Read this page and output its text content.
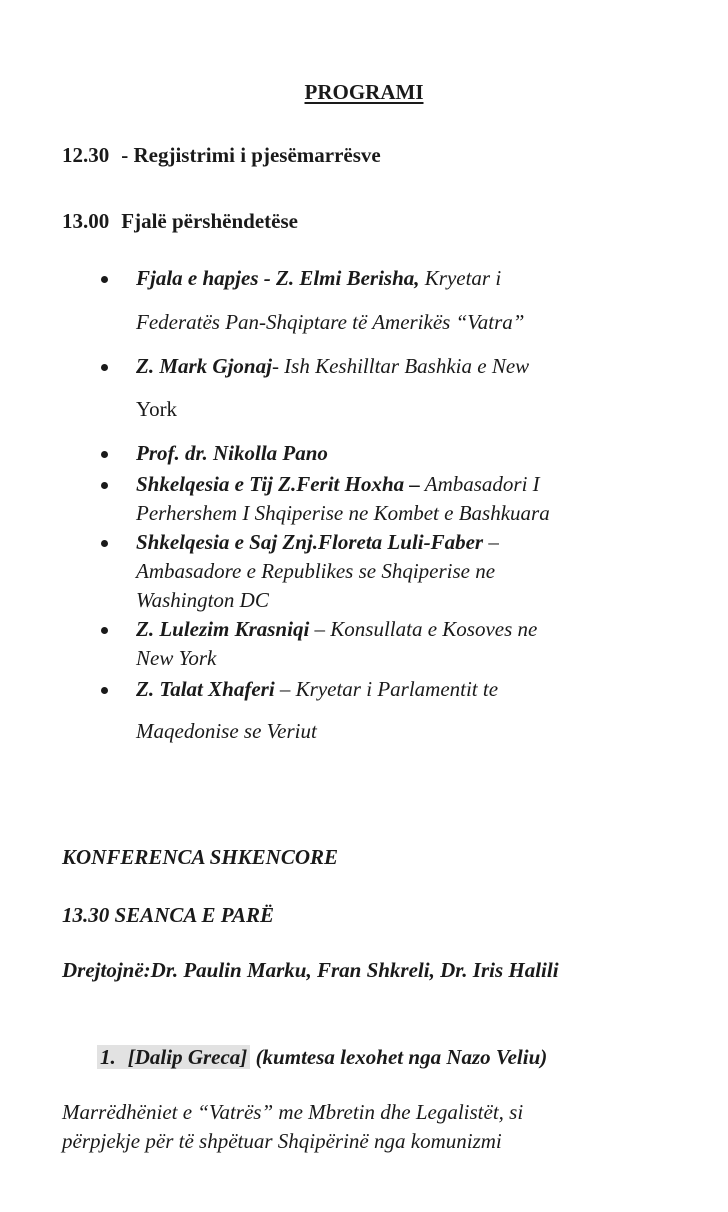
PROGRAMI
12.30 - Regjistrimi i pjesëmarrësve
13.00 Fjalë përshëndetëse
Fjala e hapjes - Z. Elmi Berisha, Kryetar i
Federatës Pan-Shqiptare të Amerikës “Vatra”
Z. Mark Gjonaj- Ish Keshilltar Bashkia e New
York
Prof. dr. Nikolla Pano
Shkelqesia e Tij Z.Ferit Hoxha – Ambasadori I
Perhershem I Shqiperise ne Kombet e Bashkuara
Shkelqesia e Saj Znj.Floreta Luli-Faber –
Ambasadore e Republikes se Shqiperise ne
Washington DC
Z. Lulezim Krasniqi – Konsullata e Kosoves ne
New York
Z. Talat Xhaferi – Kryetar i Parlamentit te
Maqedonise se Veriut
KONFERENCA SHKENCORE
13.30 SEANCA E PARË
Drejtojnë:Dr. Paulin Marku, Fran Shkreli, Dr. Iris Halili
1. [Dalip Greca] (kumtesa lexohet nga Nazo Veliu)
Marrëdhëniet e “Vatrës” me Mbretin dhe Legalistët, si
përpjekje për të shpëtuar Shqipërinë nga komunizmi
